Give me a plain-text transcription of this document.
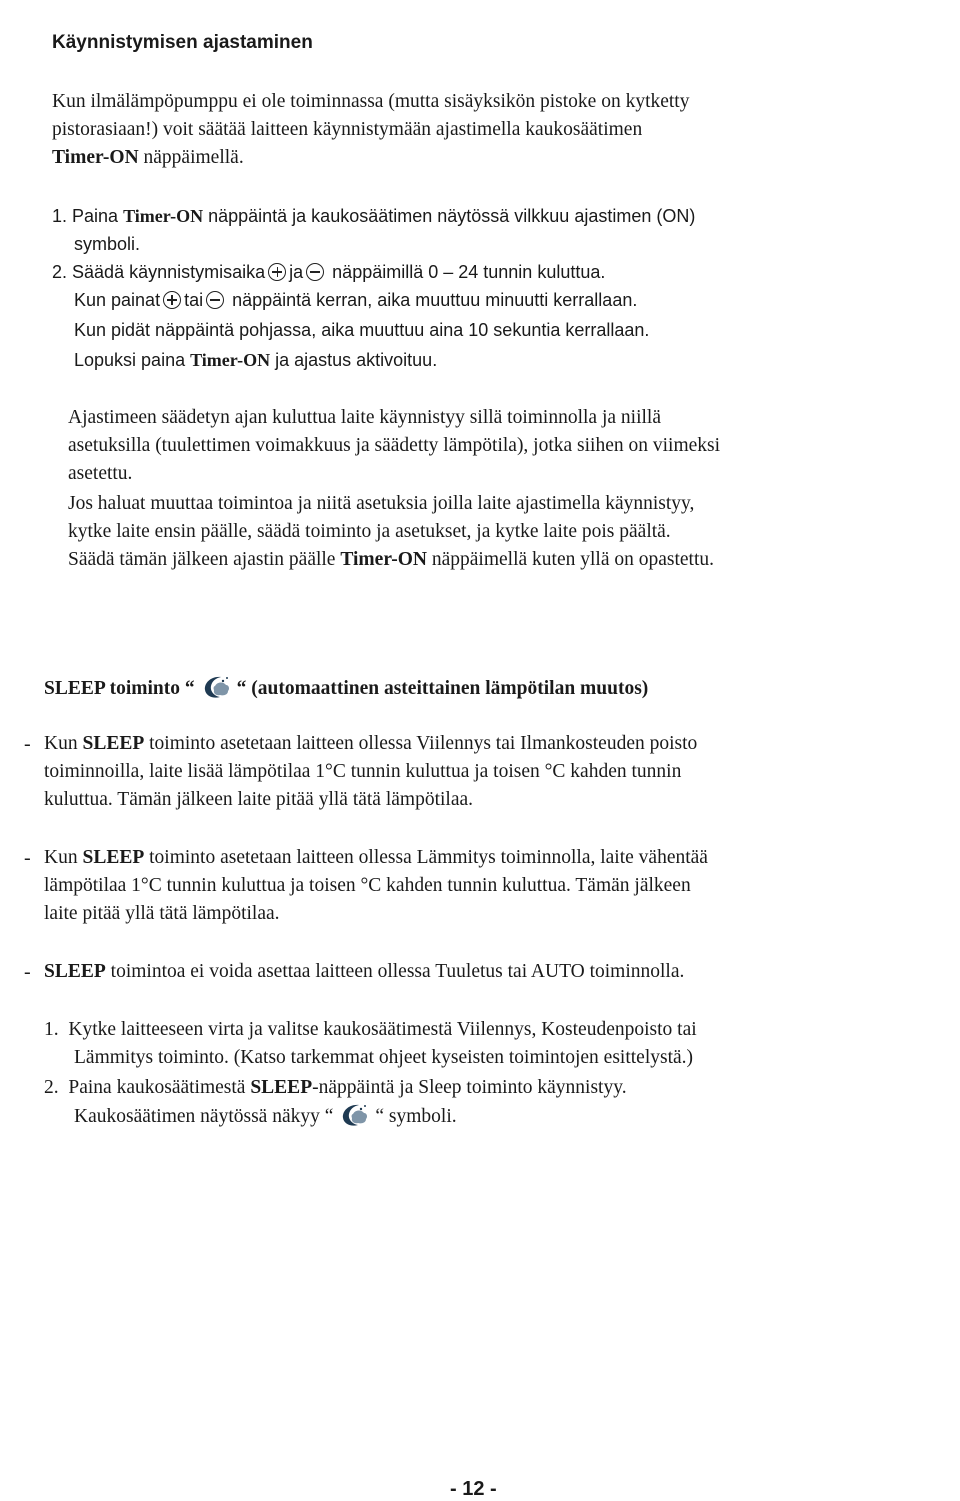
Käynnistymisen ajastaminen
Kun ilmälämpöpumppu ei ole toiminnassa (mutta sisäyksikön pistoke on kytketty
pistorasiaan!) voit säätää laitteen käynnistymään ajastimella kaukosäätimen
Timer-ON näppäimellä.
1. Paina Timer-ON näppäintä ja kaukosäätimen näytössä vilkkuu ajastimen (ON)
symboli.
2. Säädä käynnistymisaika ja näppäimillä 0 – 24 tunnin kuluttua.
Kun painat tai näppäintä kerran, aika muuttuu minuutti kerrallaan.
Kun pidät näppäintä pohjassa, aika muuttuu aina 10 sekuntia kerrallaan.
Lopuksi paina Timer-ON ja ajastus aktivoituu.
Ajastimeen säädetyn ajan kuluttua laite käynnistyy sillä toiminnolla ja niillä
asetuksilla (tuulettimen voimakkuus ja säädetty lämpötila), jotka siihen on viimeksi
asetettu.
Jos haluat muuttaa toimintoa ja niitä asetuksia joilla laite ajastimella käynnistyy,
kytke laite ensin päälle, säädä toiminto ja asetukset, ja kytke laite pois päältä.
Säädä tämän jälkeen ajastin päälle Timer-ON näppäimellä kuten yllä on opastettu.
SLEEP toiminto “ “ (automaattinen asteittainen lämpötilan muutos)
- Kun SLEEP toiminto asetetaan laitteen ollessa Viilennys tai Ilmankosteuden poisto
toiminnoilla, laite lisää lämpötilaa 1°C tunnin kuluttua ja toisen °C kahden tunnin
kuluttua. Tämän jälkeen laite pitää yllä tätä lämpötilaa.
- Kun SLEEP toiminto asetetaan laitteen ollessa Lämmitys toiminnolla, laite vähentää
lämpötilaa 1°C tunnin kuluttua ja toisen °C kahden tunnin kuluttua. Tämän jälkeen
laite pitää yllä tätä lämpötilaa.
- SLEEP toimintoa ei voida asettaa laitteen ollessa Tuuletus tai AUTO toiminnolla.
1. Kytke laitteeseen virta ja valitse kaukosäätimestä Viilennys, Kosteudenpoisto tai
Lämmitys toiminto. (Katso tarkemmat ohjeet kyseisten toimintojen esittelystä.)
2. Paina kaukosäätimestä SLEEP-näppäintä ja Sleep toiminto käynnistyy.
Kaukosäätimen näytössä näkyy “ “ symboli.
- 12 -
